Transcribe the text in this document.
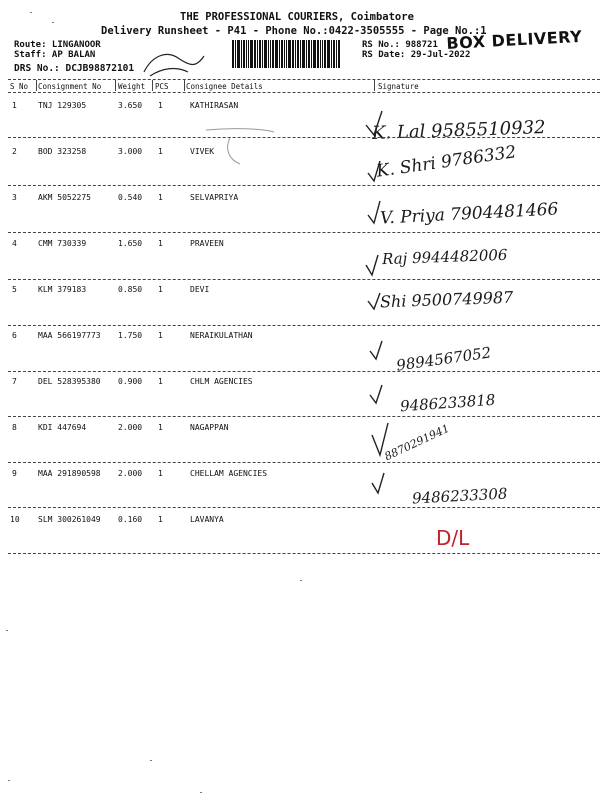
THE PROFESSIONAL COURIERS, Coimbatore
Delivery Runsheet - P41 - Phone No.:0422-3505555 - Page No.:1
Route: LINGANOOR
Staff: AP BALAN
DRS No.: DCJB98872101
RS No.: 988721
RS Date: 29-Jul-2022
BOX DELIVERY
S No Consignment No Weight PCS Consignee Details	Signature
1	TNJ 129305	3.650 1	KATHIRASAN
K. Lal 9585510932
2	BOD 323258	3.000 1	VIVEK	K. Shri 9786332
3	AKM 5052275	0.540 1	SELVAPRIYA
V. Priya 7904481466
4	CMM 730339	1.650 1	PRAVEEN
Raj 9944482006
5	KLM 379183	0.850 1	DEVI	Shi 9500749987
6	MAA 566197773 1.750 1	NERAIKULATHAN
9894567052
7	DEL 528395380 0.900 1	CHLM AGENCIES
9486233818
8	KDI 447694	2.000 1	NAGAPPAN	8870291941
9	MAA 291890598 2.000 1	CHELLAM AGENCIES
9486233308
10 SLM 300261049 0.160 1	LAVANYA
D/L
